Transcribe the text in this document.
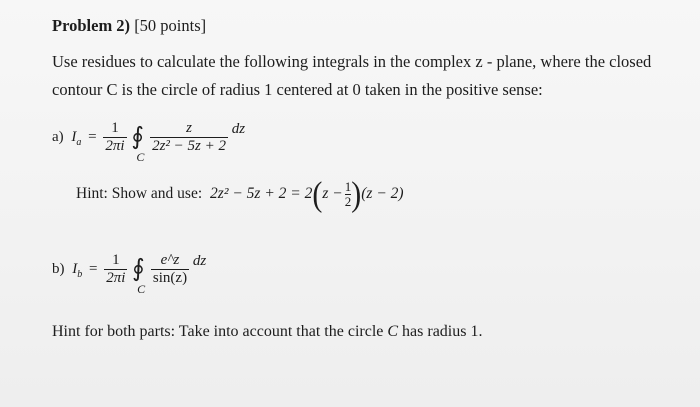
Problem 2) [50 points]
Use residues to calculate the following integrals in the complex z - plane, where the closed
contour C is the circle of radius 1 centered at 0 taken in the positive sense:
a) $I_a = \frac{1}{2\pi i}$
∮
C

$\frac{z}{\text{2z² − 5z + 2}}$ dz
Hint: Show and use: $2z^2 - 5z + 2 = 2(z - \frac{1}{2} )(z - 2)$
b) $I_b = \frac{1}{2\pi i}$
∮
C

$\frac{e\^{}z}{\sin(z)}$ dz
Hint for both parts: Take into account that the circle C has radius 1.
